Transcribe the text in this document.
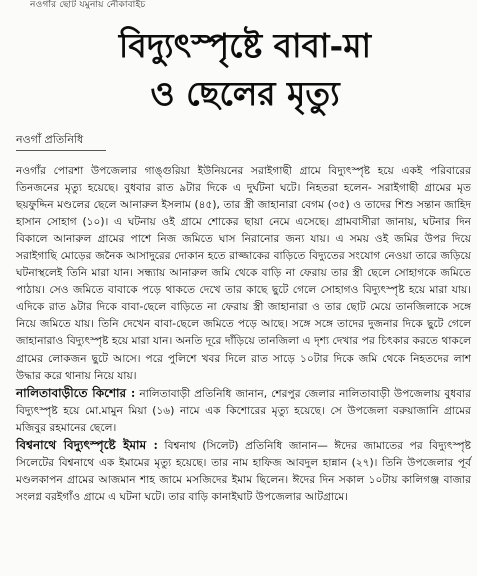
নওগাঁর ছোট যমুনায় নৌকাবাইচ
বিদ্যুৎস্পৃষ্টে বাবা-মা
ও ছেলের মৃত্যু
নওগাঁ প্রতিনিধি

নওগাঁর পোরশা উপজেলার গাঙ্গুরিয়া ইউনিয়নের সরাইগাছী গ্রামে বিদ্যুৎস্পৃষ্ট হয়ে একই পরিবারের তিনজনের মৃত্যু হয়েছে। বুধবার রাত ৯টার দিকে এ দুর্ঘটনা ঘটে। নিহতরা হলেন- সরাইগাছী গ্রামের মৃত ছয়ফুদ্দিন মণ্ডলের ছেলে আনারুল ইসলাম (৪৫), তার স্ত্রী জাহানারা বেগম (৩৫) ও তাদের শিশু সন্তান জাহিদ হাসান সোহাগ (১০)। এ ঘটনায় ওই গ্রামে শোকের ছায়া নেমে এসেছে। গ্রামবাসীরা জানায়, ঘটনার দিন বিকালে আনারুল গ্রামের পাশে নিজ জমিতে ঘাস নিরানোর জন্য যায়। এ সময় ওই জমির উপর দিয়ে সরাইগাছি মোড়ের জনৈক আসাদুরের দোকান হতে রাজ্জাকের বাড়িতে বিদ্যুতের সংযোগ নেওয়া তারে জড়িয়ে ঘটনাস্থলেই তিনি মারা যান। সন্ধ্যায় আনারুল জমি থেকে বাড়ি না ফেরায় তার স্ত্রী ছেলে সোহাগকে জমিতে পাঠায়। সেও জমিতে বাবাকে পড়ে থাকতে দেখে তার কাছে ছুটে গেলে সোহাগও বিদ্যুৎস্পৃষ্ট হয়ে মারা যায়। এদিকে রাত ৯টার দিকে বাবা-ছেলে বাড়িতে না ফেরায় স্ত্রী জাহানারা ও তার ছোট মেয়ে তানজিলাকে সঙ্গে নিয়ে জমিতে যায়। তিনি দেখেন বাবা-ছেলে জমিতে পড়ে আছে। সঙ্গে সঙ্গে তাদের দুজনার দিকে ছুটে গেলে জাহানারাও বিদ্যুৎস্পৃষ্ট হয়ে মারা যান। অনতি দূরে দাঁড়িয়ে তানজিলা এ দৃশ্য দেখার পর চিৎকার করতে থাকলে গ্রামের লোকজন ছুটে আসে। পরে পুলিশে খবর দিলে রাত সাড়ে ১০টার দিকে জমি থেকে নিহতদের লাশ উদ্ধার করে থানায় নিয়ে যায়।

নালিতাবাড়ীতে কিশোর : নালিতাবাড়ী প্রতিনিধি জানান, শেরপুর জেলার নালিতাবাড়ী উপজেলায় বুধবার বিদ্যুৎস্পৃষ্ট হয়ে মো.মামুন মিয়া (১৬) নামে এক কিশোরের মৃত্যু হয়েছে। সে উপজেলা বরুয়াজানি গ্রামের মজিবুর রহমানের ছেলে।

বিশ্বনাথে বিদ্যুৎস্পৃষ্টে ইমাম : বিশ্বনাথ (সিলেট) প্রতিনিধি জানান— ঈদের জামাতের পর বিদ্যুৎস্পৃষ্ট সিলেটের বিশ্বনাথে এক ইমামের মৃত্যু হয়েছে। তার নাম হাফিজ আবদুল হান্নান (২৭)। তিনি উপজেলার পূর্ব মণ্ডলকাপন গ্রামের আজমান শাহ জামে মসজিদের ইমাম ছিলেন। ঈদের দিন সকাল ১০টায় কালিগঞ্জ বাজার সংলগ্ন বরইগাঁও গ্রামে এ ঘটনা ঘটে। তার বাড়ি কানাইঘাট উপজেলার আটগ্রামে।
